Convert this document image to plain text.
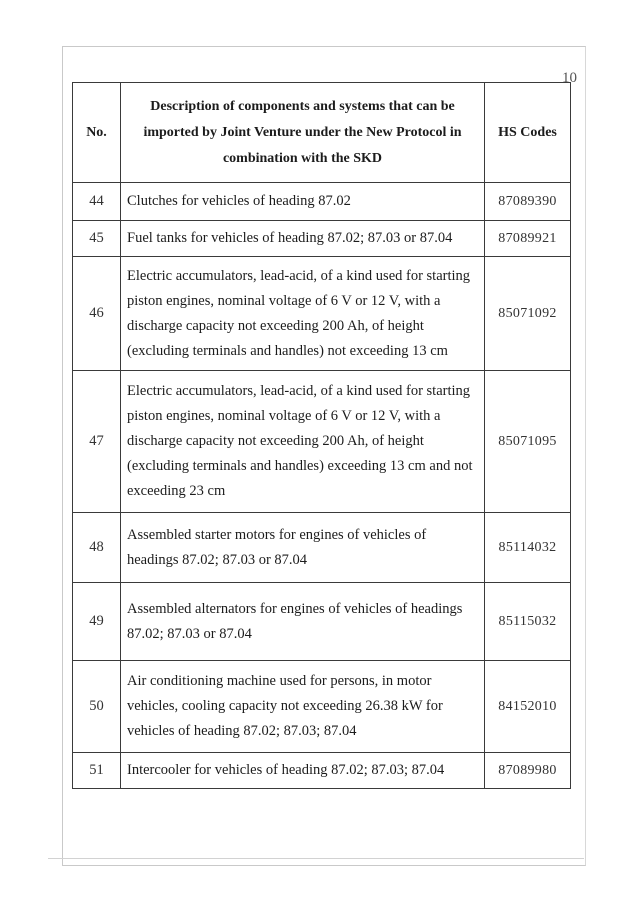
10
No.	Description of components and systems that can be imported by Joint Venture under the New Protocol in combination with the SKD	HS Codes
44	Clutches for vehicles of heading 87.02	87089390
45	Fuel tanks for vehicles of heading 87.02; 87.03 or 87.04	87089921
46	Electric accumulators, lead-acid, of a kind used for starting piston engines, nominal voltage of 6 V or 12 V, with a discharge capacity not exceeding 200 Ah, of height (excluding terminals and handles) not exceeding 13 cm	85071092
47	Electric accumulators, lead-acid, of a kind used for starting piston engines, nominal voltage of 6 V or 12 V, with a discharge capacity not exceeding 200 Ah, of height (excluding terminals and handles) exceeding 13 cm and not exceeding 23 cm	85071095
48	Assembled starter motors for engines of vehicles of headings 87.02; 87.03 or 87.04	85114032
49	Assembled alternators for engines of vehicles of headings 87.02; 87.03 or 87.04	85115032
50	Air conditioning machine used for persons, in motor vehicles, cooling capacity not exceeding 26.38 kW for vehicles of heading 87.02; 87.03; 87.04	84152010
51	Intercooler for vehicles of heading 87.02; 87.03; 87.04	87089980
